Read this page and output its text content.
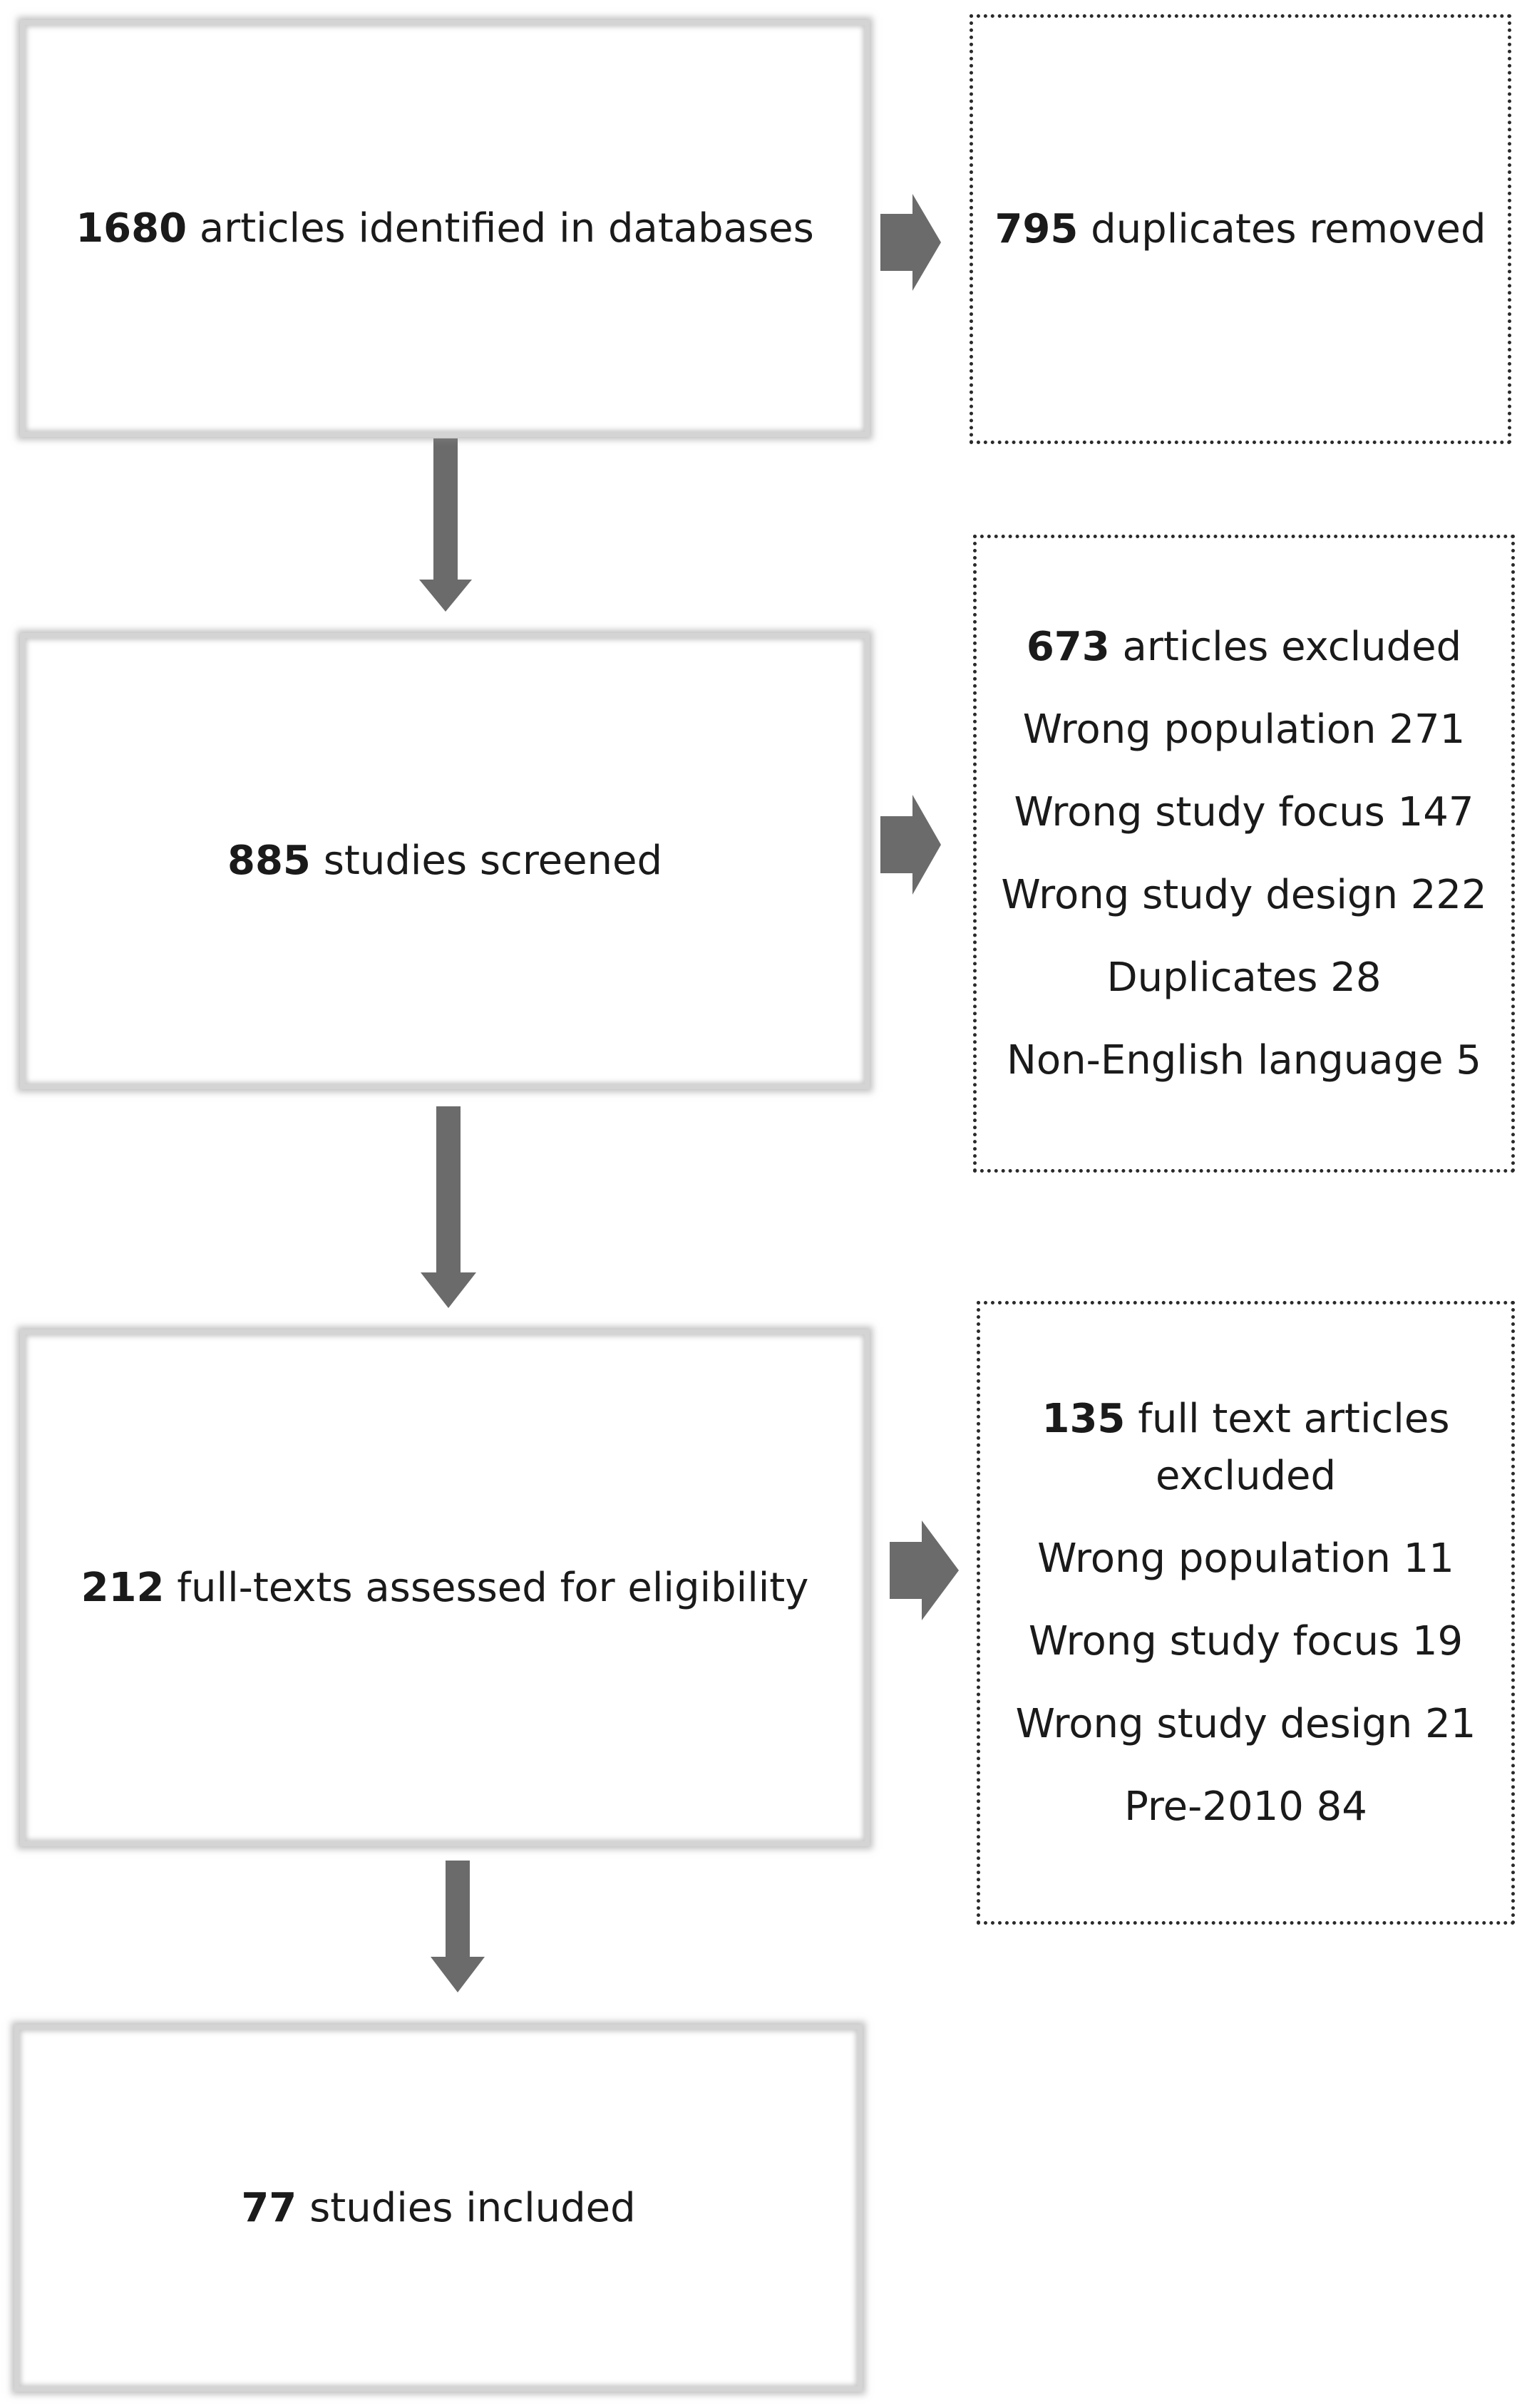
1680 articles identified in databases	795 duplicates removed
885 studies screened
673 articles excluded
Wrong population 271
Wrong study focus 147
Wrong study design 222
Duplicates 28
Non-English language 5
212 full-texts assessed for eligibility
135 full text articles excluded
Wrong population 11
Wrong study focus 19
Wrong study design 21
Pre-2010 84
77 studies included
